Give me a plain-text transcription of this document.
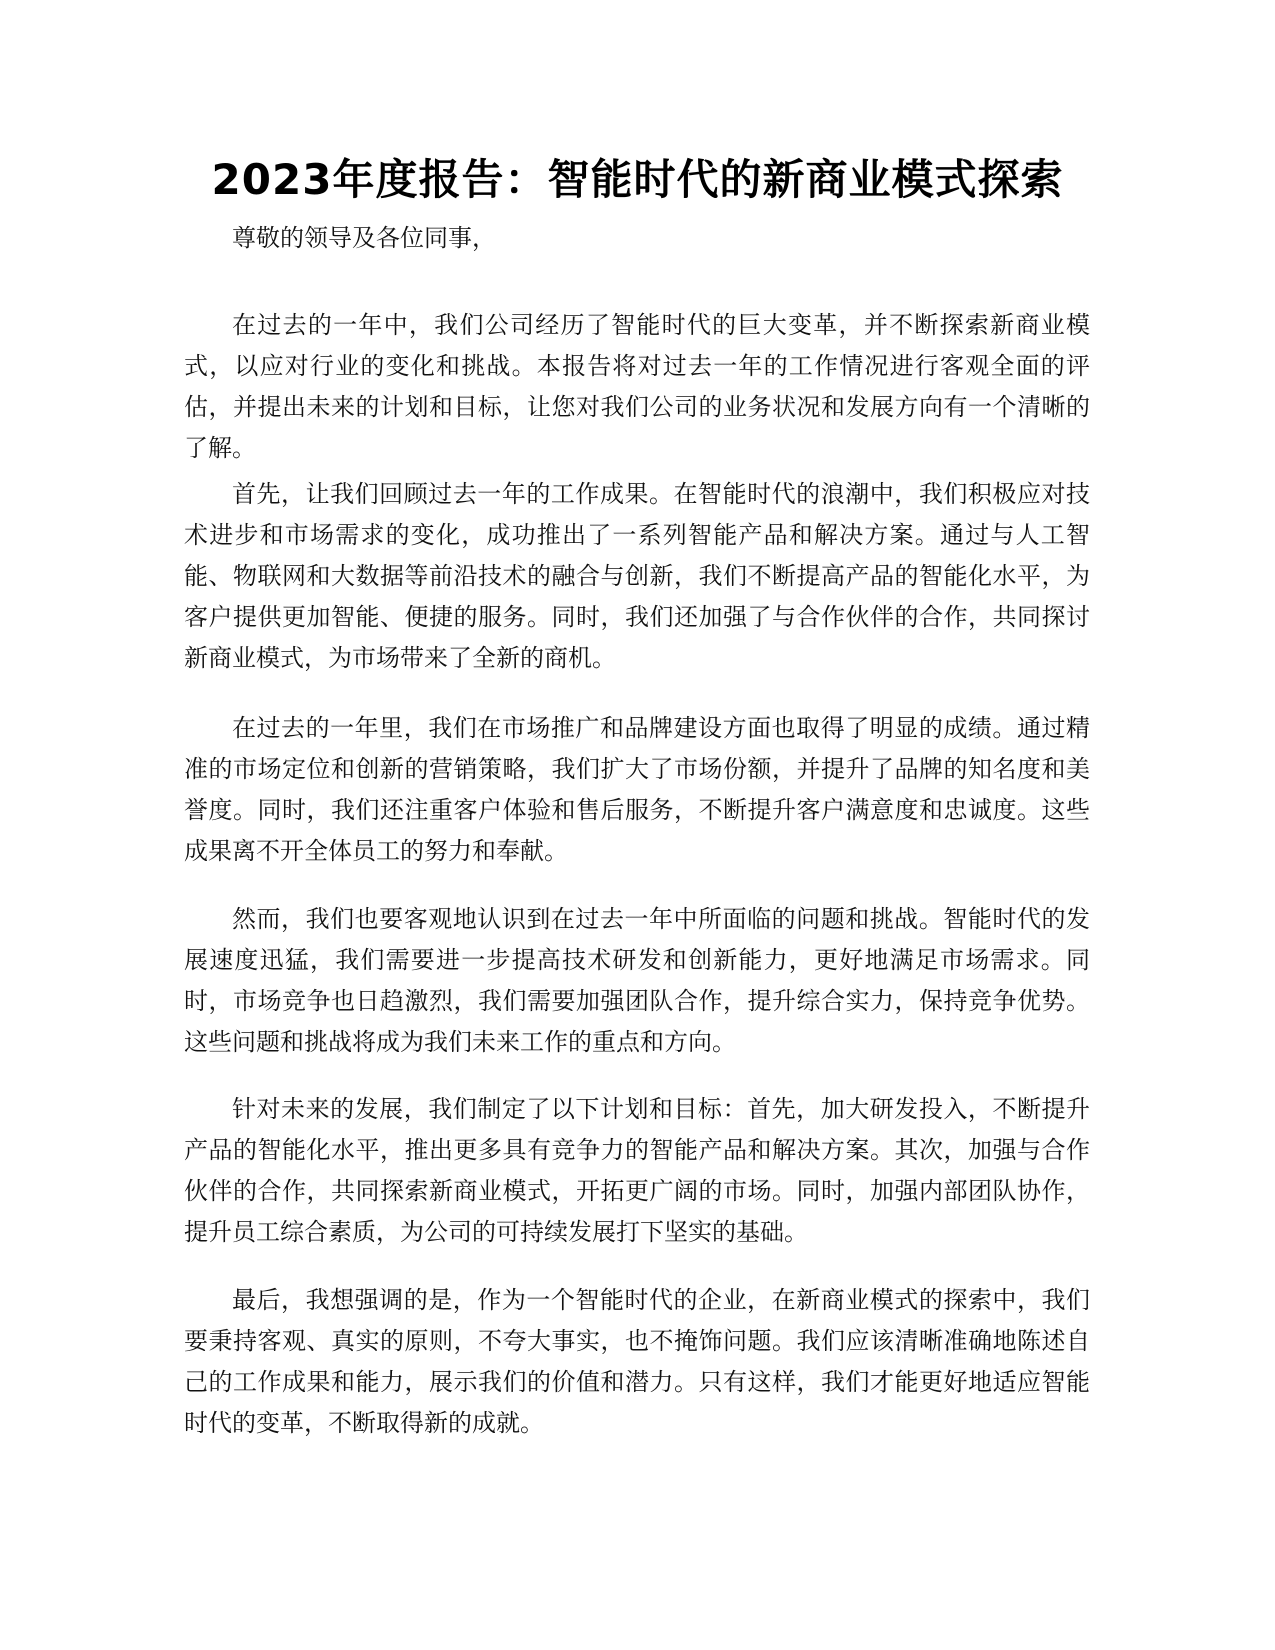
2023年度报告：智能时代的新商业模式探索

尊敬的领导及各位同事，

在过去的一年中，我们公司经历了智能时代的巨大变革，并不断探索新商业模式，以应对行业的变化和挑战。本报告将对过去一年的工作情况进行客观全面的评估，并提出未来的计划和目标，让您对我们公司的业务状况和发展方向有一个清晰的了解。

首先，让我们回顾过去一年的工作成果。在智能时代的浪潮中，我们积极应对技术进步和市场需求的变化，成功推出了一系列智能产品和解决方案。通过与人工智能、物联网和大数据等前沿技术的融合与创新，我们不断提高产品的智能化水平，为客户提供更加智能、便捷的服务。同时，我们还加强了与合作伙伴的合作，共同探讨新商业模式，为市场带来了全新的商机。

在过去的一年里，我们在市场推广和品牌建设方面也取得了明显的成绩。通过精准的市场定位和创新的营销策略，我们扩大了市场份额，并提升了品牌的知名度和美誉度。同时，我们还注重客户体验和售后服务，不断提升客户满意度和忠诚度。这些成果离不开全体员工的努力和奉献。

然而，我们也要客观地认识到在过去一年中所面临的问题和挑战。智能时代的发展速度迅猛，我们需要进一步提高技术研发和创新能力，更好地满足市场需求。同时，市场竞争也日趋激烈，我们需要加强团队合作，提升综合实力，保持竞争优势。这些问题和挑战将成为我们未来工作的重点和方向。

针对未来的发展，我们制定了以下计划和目标：首先，加大研发投入，不断提升产品的智能化水平，推出更多具有竞争力的智能产品和解决方案。其次，加强与合作伙伴的合作，共同探索新商业模式，开拓更广阔的市场。同时，加强内部团队协作，提升员工综合素质，为公司的可持续发展打下坚实的基础。

最后，我想强调的是，作为一个智能时代的企业，在新商业模式的探索中，我们要秉持客观、真实的原则，不夸大事实，也不掩饰问题。我们应该清晰准确地陈述自己的工作成果和能力，展示我们的价值和潜力。只有这样，我们才能更好地适应智能时代的变革，不断取得新的成就。
